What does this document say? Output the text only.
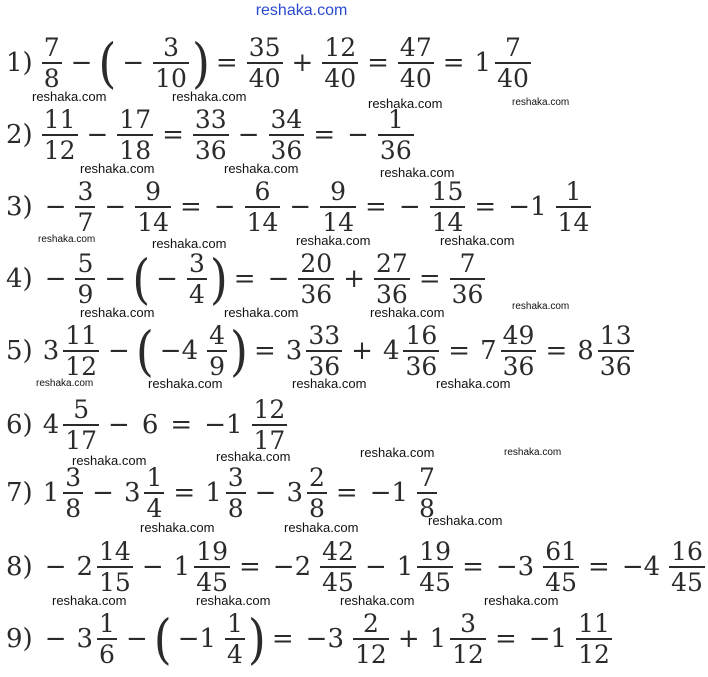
reshaka.com
$1) \frac{7}{8}$ − ( − $\frac{3}{10}$ ) = $\frac{35}{40} + \frac{12}{40} = \frac{47}{40} = 1 \frac{7}{40}$
$2) \frac{11}{12} - \frac{17}{18} = \frac{33}{36} - \frac{34}{36}$ = − $\frac{1}{36}$
$3) - \frac{3}{7} - \frac{9}{14}$ = − $\frac{6}{14} - \frac{9}{14}$ = − $\frac{15}{14} = -1 \frac{1}{14}$
$4) - \frac{5}{9}$ − ( − $\frac{3}{4}$ ) = − $\frac{20}{36} + \frac{27}{36} = \frac{7}{36}$
5) $3 \frac{11}{12}$ − ( $-4 \frac{4}{9}$ ) = $3 \frac{33}{36} + 4 \frac{16}{36} = 7 \frac{49}{36} = 8 \frac{13}{36}$
6) $4 \frac{5}{17} - 6 = -1 \frac{12}{17}$
7) $1 \frac{3}{8} - 3 \frac{1}{4} = 1 \frac{3}{8} - 3 \frac{2}{8} = -1 \frac{7}{8}$
$8) - 2 \frac{14}{15} - 1 \frac{19}{45} = -2 \frac{42}{45} - 1 \frac{19}{45} = -3 \frac{61}{45} = -4 \frac{16}{45}$
$9) - 3 \frac{1}{6}$ − ( $-1 \frac{1}{4}$ ) = $-3 \frac{2}{12} + 1 \frac{3}{12} = -1 \frac{11}{12}$
reshaka.com	reshaka.com	reshaka.com	reshaka.com
reshaka.com	reshaka.com	reshaka.com
reshaka.com	reshaka.com	reshaka.com	reshaka.com
reshaka.com
reshaka.com	reshaka.com	reshaka.com
reshaka.com	reshaka.com	reshaka.com	reshaka.com
reshaka.com	reshaka.com
reshaka.com	reshaka.com
reshaka.com
reshaka.com	reshaka.com
reshaka.com	reshaka.com	reshaka.com	reshaka.com
